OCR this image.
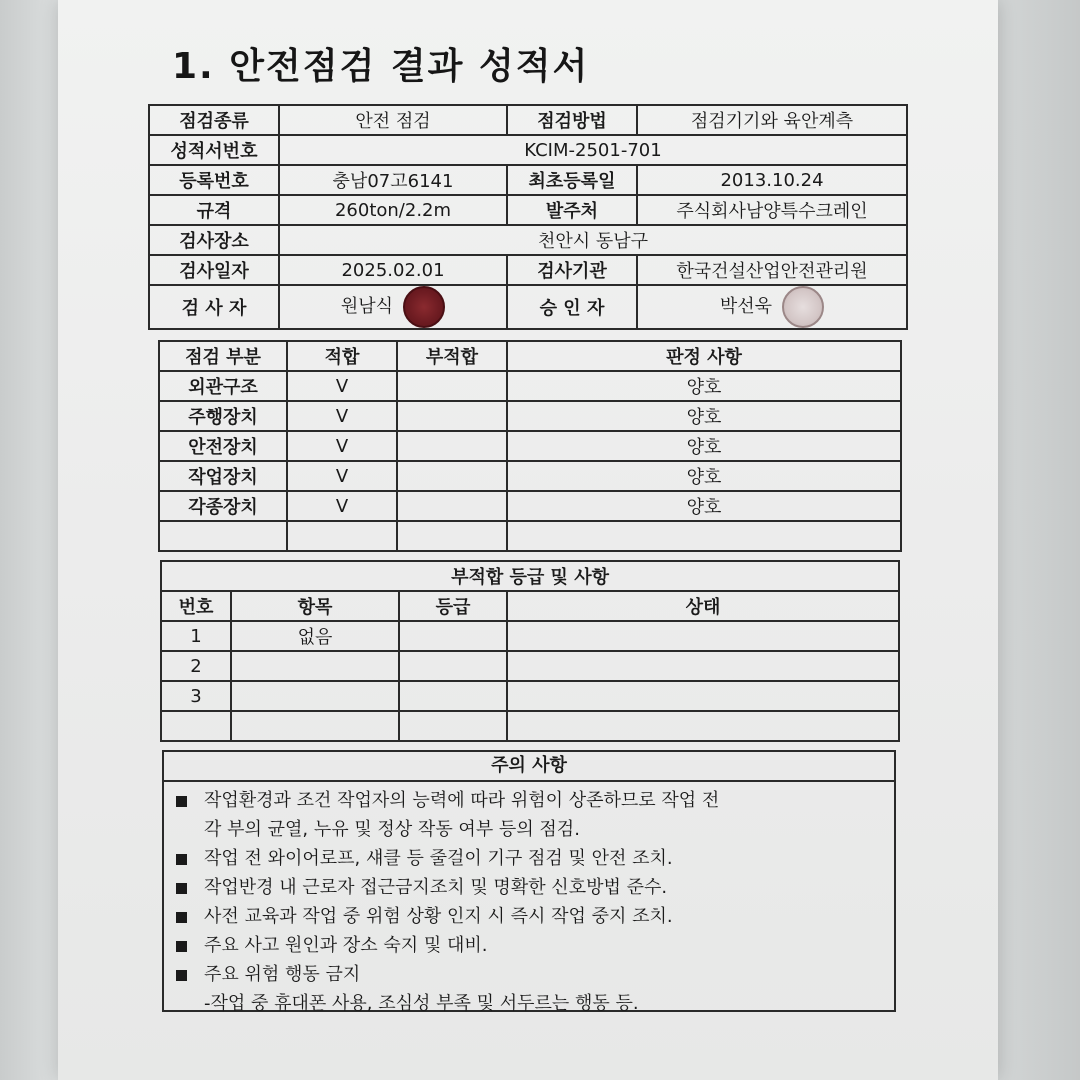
1. 안전점검 결과 성적서
점검종류	안전 점검	점검방법	점검기기와 육안계측
성적서번호	KCIM-2501-701		
등록번호	충남07고6141	최초등록일	2013.10.24
규격	260ton/2.2m	발주처	주식회사남양특수크레인
검사장소	천안시 동남구		
검사일자	2025.02.01	검사기관	한국건설산업안전관리원
검 사 자	원남식	승 인 자	박선욱
점검 부분	적합	부적합	판정 사항
외관구조	V		양호
주행장치	V		양호
안전장치	V		양호
작업장치	V		양호
각종장치	V		양호

부적합 등급 및 사항			
번호	항목	등급	상태
1	없음		
2			
3			

주의 사항
작업환경과 조건 작업자의 능력에 따라 위험이 상존하므로 작업 전
각 부의 균열, 누유 및 정상 작동 여부 등의 점검.
작업 전 와이어로프, 섀클 등 줄걸이 기구 점검 및 안전 조치.
작업반경 내 근로자 접근금지조치 및 명확한 신호방법 준수.
사전 교육과 작업 중 위험 상황 인지 시 즉시 작업 중지 조치.
주요 사고 원인과 장소 숙지 및 대비.
주요 위험 행동 금지
-작업 중 휴대폰 사용, 조심성 부족 및 서두르는 행동 등.
